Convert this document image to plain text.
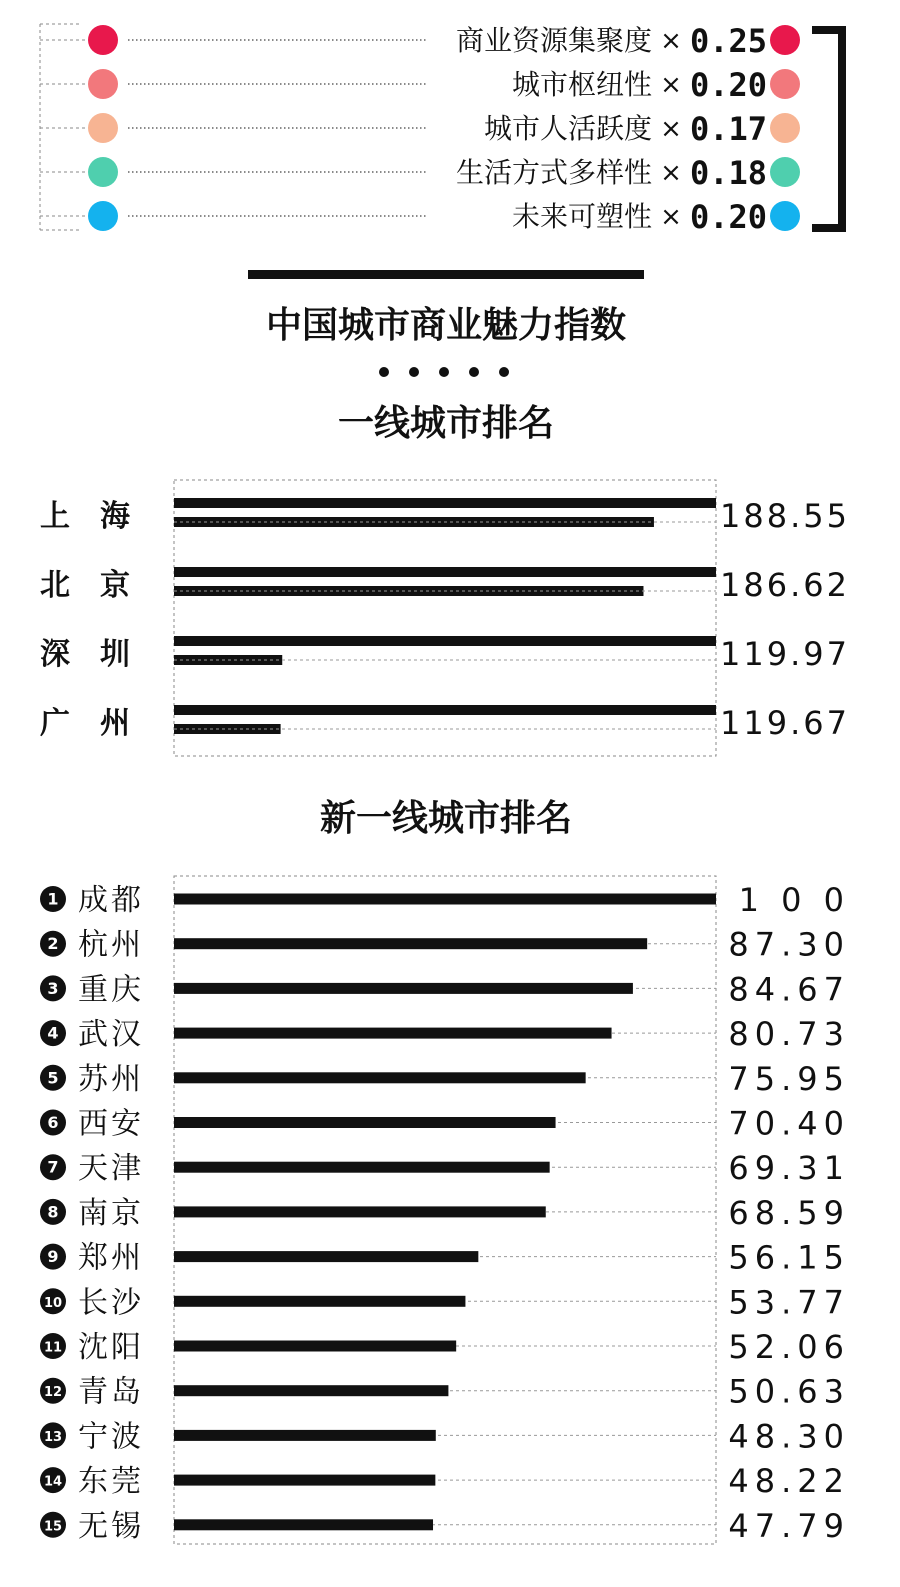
商业资源集聚度 × 0.25
城市枢纽性 × 0.20
城市人活跃度 × 0.17
生活方式多样性 × 0.18
未来可塑性 × 0.20
中国城市商业魅力指数
一线城市排名
上　海	188.55
北　京	186.62
深　圳	119.97
广　州	119.67
新一线城市排名
1 成都	1 0 0
2 杭州	87.30
3 重庆	84.67
4 武汉	80.73
5 苏州	75.95
6 西安	70.40
7 天津	69.31
8 南京	68.59
9 郑州	56.15
10 长沙	53.77
11 沈阳	52.06
12 青岛	50.63
13 宁波	48.30
14 东莞	48.22
15 无锡	47.79
